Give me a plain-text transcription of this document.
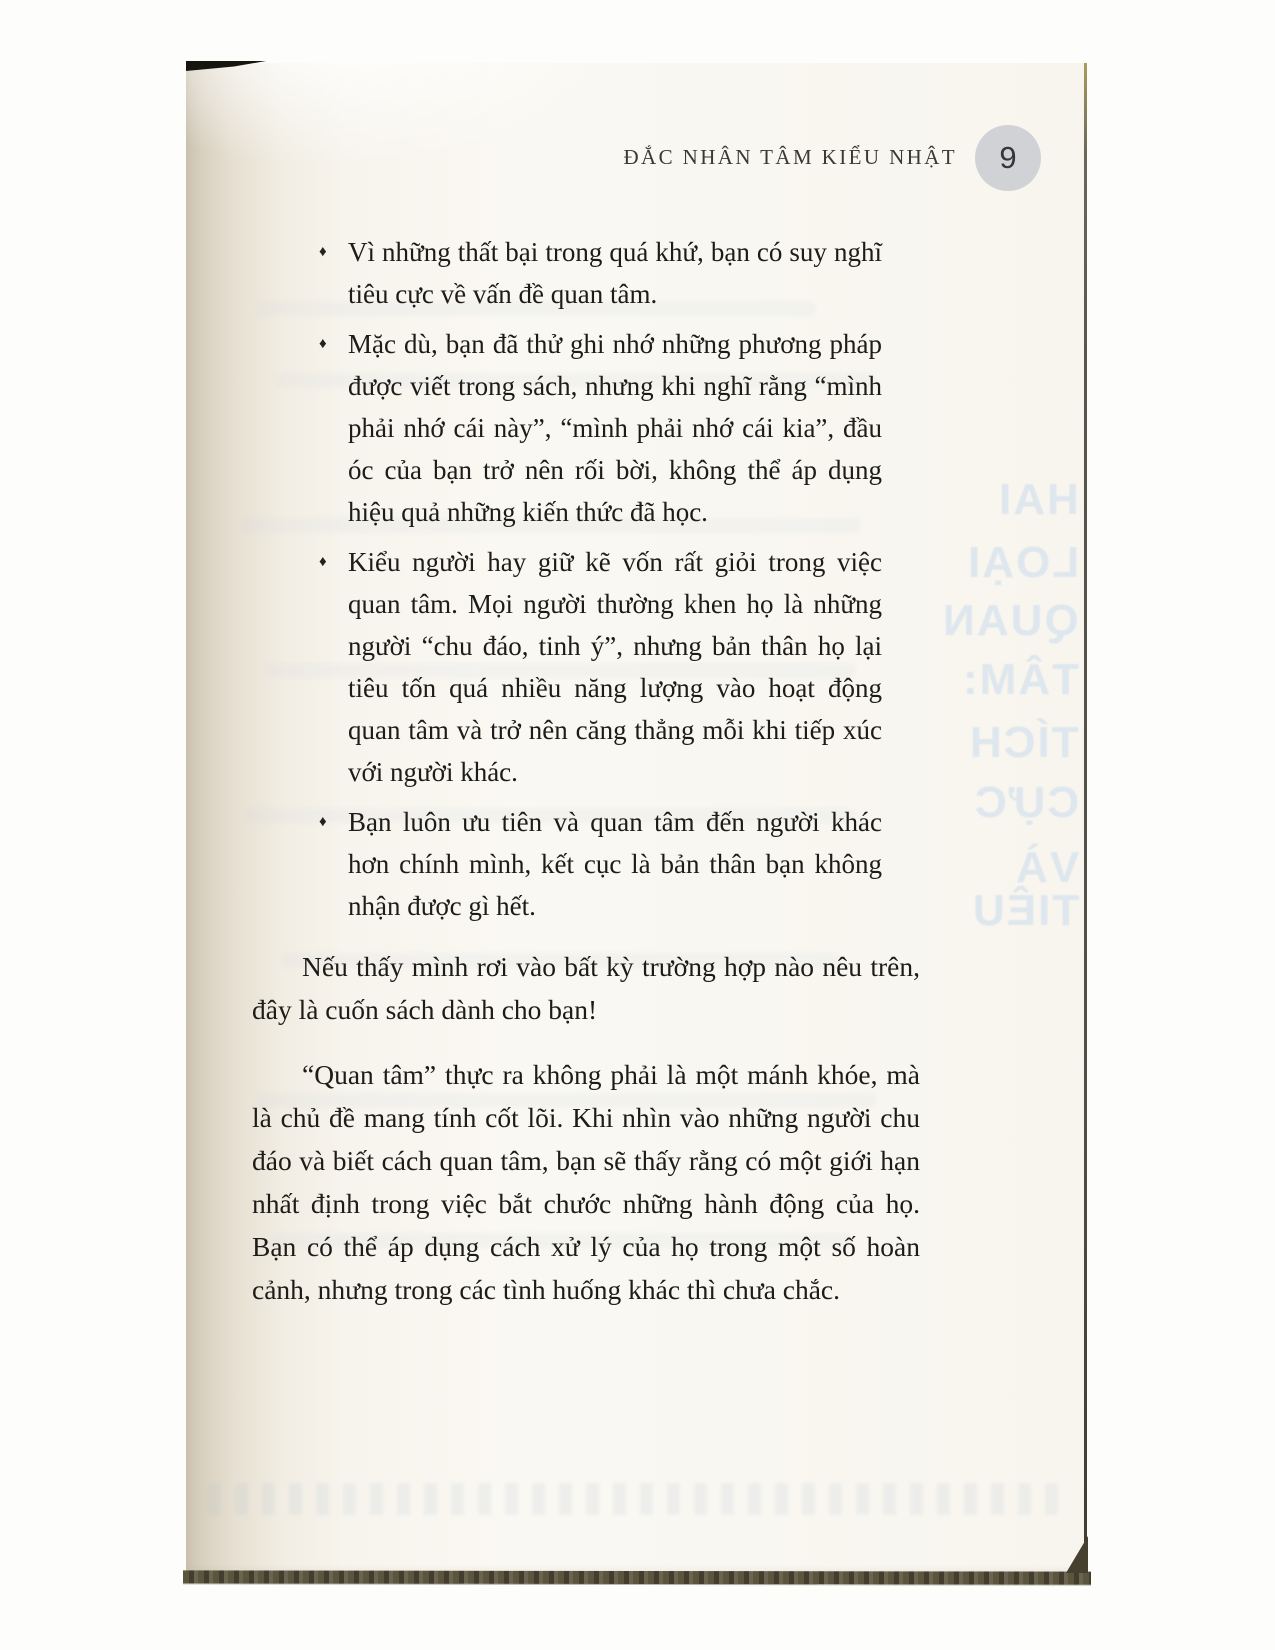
HAI
LOẠI
QUAN
TÂM:
TÍCH
CỰC
VÀ
TIÊU
ĐẮC NHÂN TÂM KIỂU NHẬT 9
♦ Vì những thất bại trong quá khứ, bạn có suy nghĩ tiêu cực về vấn đề quan tâm.
♦ Mặc dù, bạn đã thử ghi nhớ những phương pháp được viết trong sách, nhưng khi nghĩ rằng “mình phải nhớ cái này”, “mình phải nhớ cái kia”, đầu óc của bạn trở nên rối bời, không thể áp dụng hiệu quả những kiến thức đã học.
♦ Kiểu người hay giữ kẽ vốn rất giỏi trong việc quan tâm. Mọi người thường khen họ là những người “chu đáo, tinh ý”, nhưng bản thân họ lại tiêu tốn quá nhiều năng lượng vào hoạt động quan tâm và trở nên căng thẳng mỗi khi tiếp xúc với người khác.
♦ Bạn luôn ưu tiên và quan tâm đến người khác hơn chính mình, kết cục là bản thân bạn không nhận được gì hết.

Nếu thấy mình rơi vào bất kỳ trường hợp nào nêu trên, đây là cuốn sách dành cho bạn!

“Quan tâm” thực ra không phải là một mánh khóe, mà là chủ đề mang tính cốt lõi. Khi nhìn vào những người chu đáo và biết cách quan tâm, bạn sẽ thấy rằng có một giới hạn nhất định trong việc bắt chước những hành động của họ. Bạn có thể áp dụng cách xử lý của họ trong một số hoàn cảnh, nhưng trong các tình huống khác thì chưa chắc.
